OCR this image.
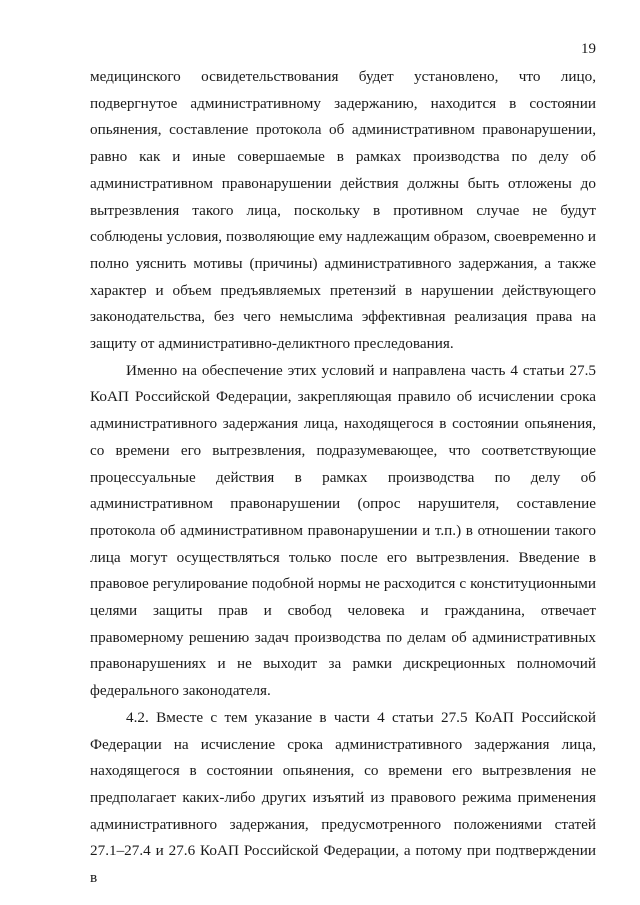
19

медицинского освидетельствования будет установлено, что лицо, подвергнутое административному задержанию, находится в состоянии опьянения, составление протокола об административном правонарушении, равно как и иные совершаемые в рамках производства по делу об административном правонарушении действия должны быть отложены до вытрезвления такого лица, поскольку в противном случае не будут соблюдены условия, позволяющие ему надлежащим образом, своевременно и полно уяснить мотивы (причины) административного задержания, а также характер и объем предъявляемых претензий в нарушении действующего законодательства, без чего немыслима эффективная реализация права на защиту от административно-деликтного преследования.

Именно на обеспечение этих условий и направлена часть 4 статьи 27.5 КоАП Российской Федерации, закрепляющая правило об исчислении срока административного задержания лица, находящегося в состоянии опьянения, со времени его вытрезвления, подразумевающее, что соответствующие процессуальные действия в рамках производства по делу об административном правонарушении (опрос нарушителя, составление протокола об административном правонарушении и т.п.) в отношении такого лица могут осуществляться только после его вытрезвления. Введение в правовое регулирование подобной нормы не расходится с конституционными целями защиты прав и свобод человека и гражданина, отвечает правомерному решению задач производства по делам об административных правонарушениях и не выходит за рамки дискреционных полномочий федерального законодателя.

4.2. Вместе с тем указание в части 4 статьи 27.5 КоАП Российской Федерации на исчисление срока административного задержания лица, находящегося в состоянии опьянения, со времени его вытрезвления не предполагает каких-либо других изъятий из правового режима применения административного задержания, предусмотренного положениями статей 27.1–27.4 и 27.6 КоАП Российской Федерации, а потому при подтверждении в
